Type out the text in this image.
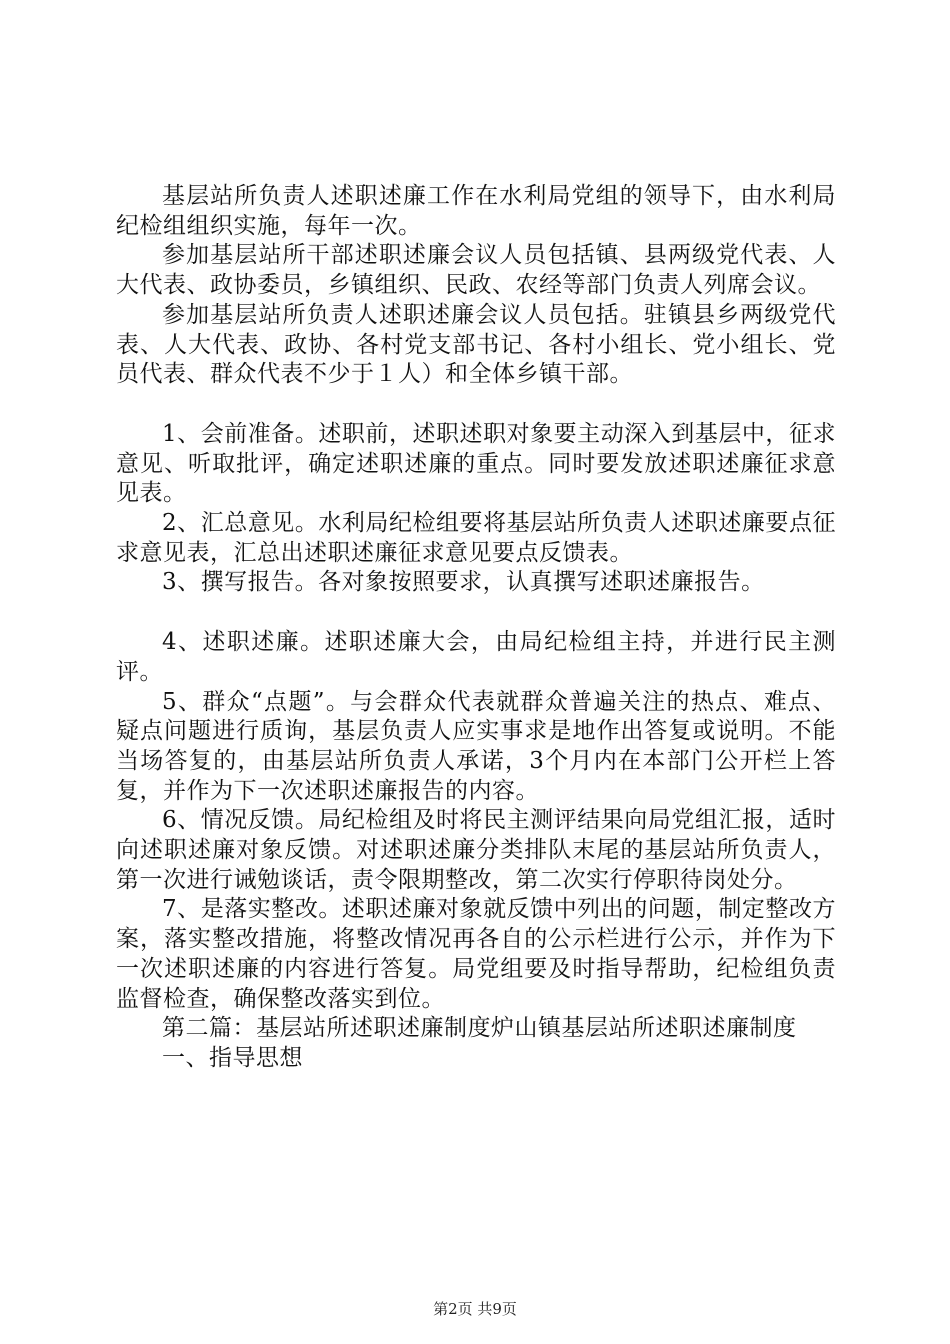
基层站所负责人述职述廉工作在水利局党组的领导下，由水利局纪检组组织实施，每年一次。

参加基层站所干部述职述廉会议人员包括镇、县两级党代表、人大代表、政协委员，乡镇组织、民政、农经等部门负责人列席会议。

参加基层站所负责人述职述廉会议人员包括。驻镇县乡两级党代表、人大代表、政协、各村党支部书记、各村小组长、党小组长、党员代表、群众代表不少于１人）和全体乡镇干部。

1、会前准备。述职前，述职述职对象要主动深入到基层中，征求意见、听取批评，确定述职述廉的重点。同时要发放述职述廉征求意见表。

2、汇总意见。水利局纪检组要将基层站所负责人述职述廉要点征求意见表，汇总出述职述廉征求意见要点反馈表。

3、撰写报告。各对象按照要求，认真撰写述职述廉报告。

4、述职述廉。述职述廉大会，由局纪检组主持，并进行民主测评。

5、群众“点题”。与会群众代表就群众普遍关注的热点、难点、疑点问题进行质询，基层负责人应实事求是地作出答复或说明。不能当场答复的，由基层站所负责人承诺，3个月内在本部门公开栏上答复，并作为下一次述职述廉报告的内容。

6、情况反馈。局纪检组及时将民主测评结果向局党组汇报，适时向述职述廉对象反馈。对述职述廉分类排队末尾的基层站所负责人，第一次进行诫勉谈话，责令限期整改，第二次实行停职待岗处分。

7、是落实整改。述职述廉对象就反馈中列出的问题，制定整改方案，落实整改措施，将整改情况再各自的公示栏进行公示，并作为下一次述职述廉的内容进行答复。局党组要及时指导帮助，纪检组负责监督检查，确保整改落实到位。

第二篇：基层站所述职述廉制度炉山镇基层站所述职述廉制度

一、指导思想

第2页 共9页
